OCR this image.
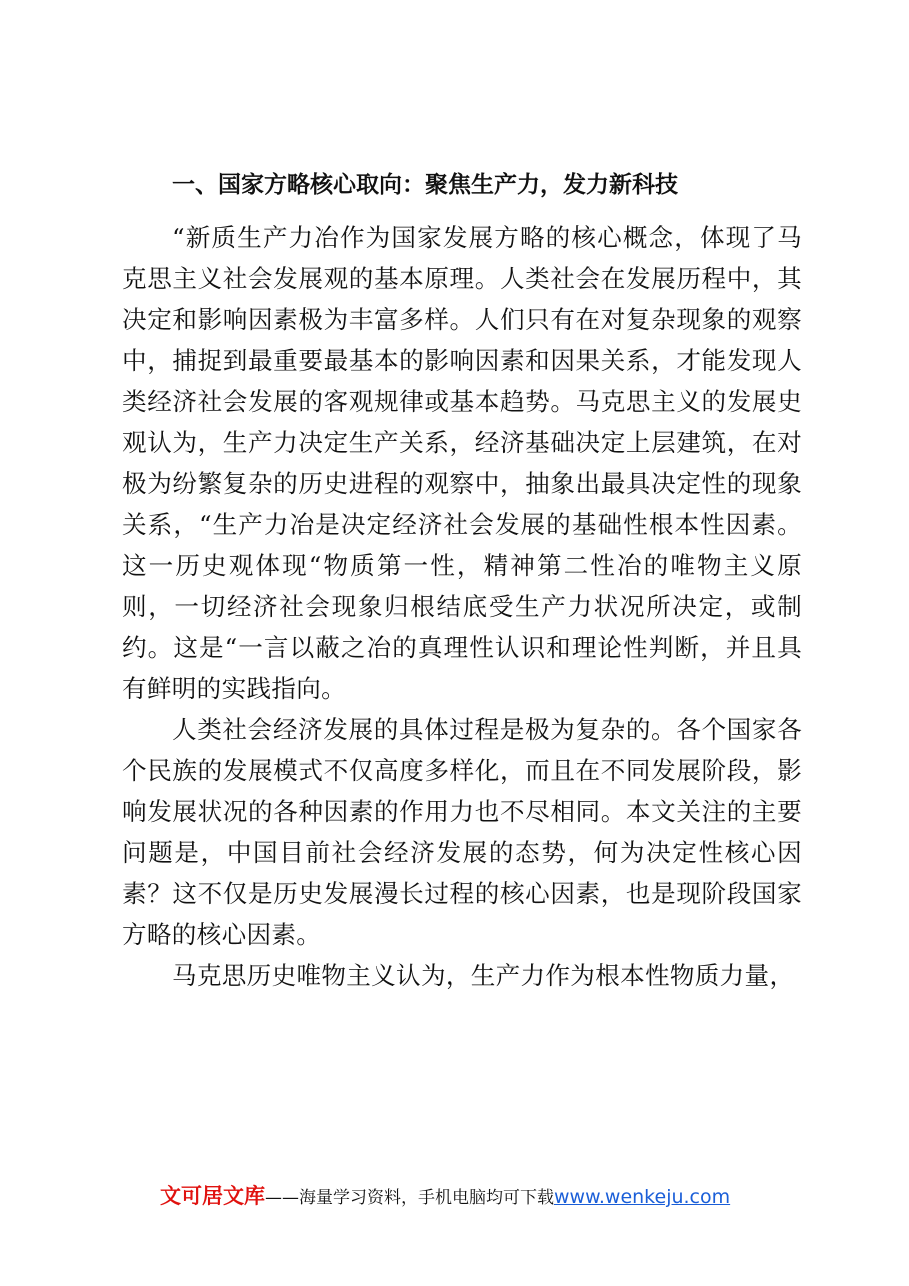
一、国家方略核心取向：聚焦生产力，发力新科技

“新质生产力冶作为国家发展方略的核心概念，体现了马克思主义社会发展观的基本原理。人类社会在发展历程中，其决定和影响因素极为丰富多样。人们只有在对复杂现象的观察中，捕捉到最重要最基本的影响因素和因果关系，才能发现人类经济社会发展的客观规律或基本趋势。马克思主义的发展史观认为，生产力决定生产关系，经济基础决定上层建筑，在对极为纷繁复杂的历史进程的观察中，抽象出最具决定性的现象关系，“生产力冶是决定经济社会发展的基础性根本性因素。这一历史观体现“物质第一性，精神第二性冶的唯物主义原则，一切经济社会现象归根结底受生产力状况所决定，或制约。这是“一言以蔽之冶的真理性认识和理论性判断，并且具有鲜明的实践指向。

人类社会经济发展的具体过程是极为复杂的。各个国家各个民族的发展模式不仅高度多样化，而且在不同发展阶段，影响发展状况的各种因素的作用力也不尽相同。本文关注的主要问题是，中国目前社会经济发展的态势，何为决定性核心因素？这不仅是历史发展漫长过程的核心因素，也是现阶段国家方略的核心因素。

马克思历史唯物主义认为，生产力作为根本性物质力量，

文可居文库——海量学习资料，手机电脑均可下载www.wenkeju.com
